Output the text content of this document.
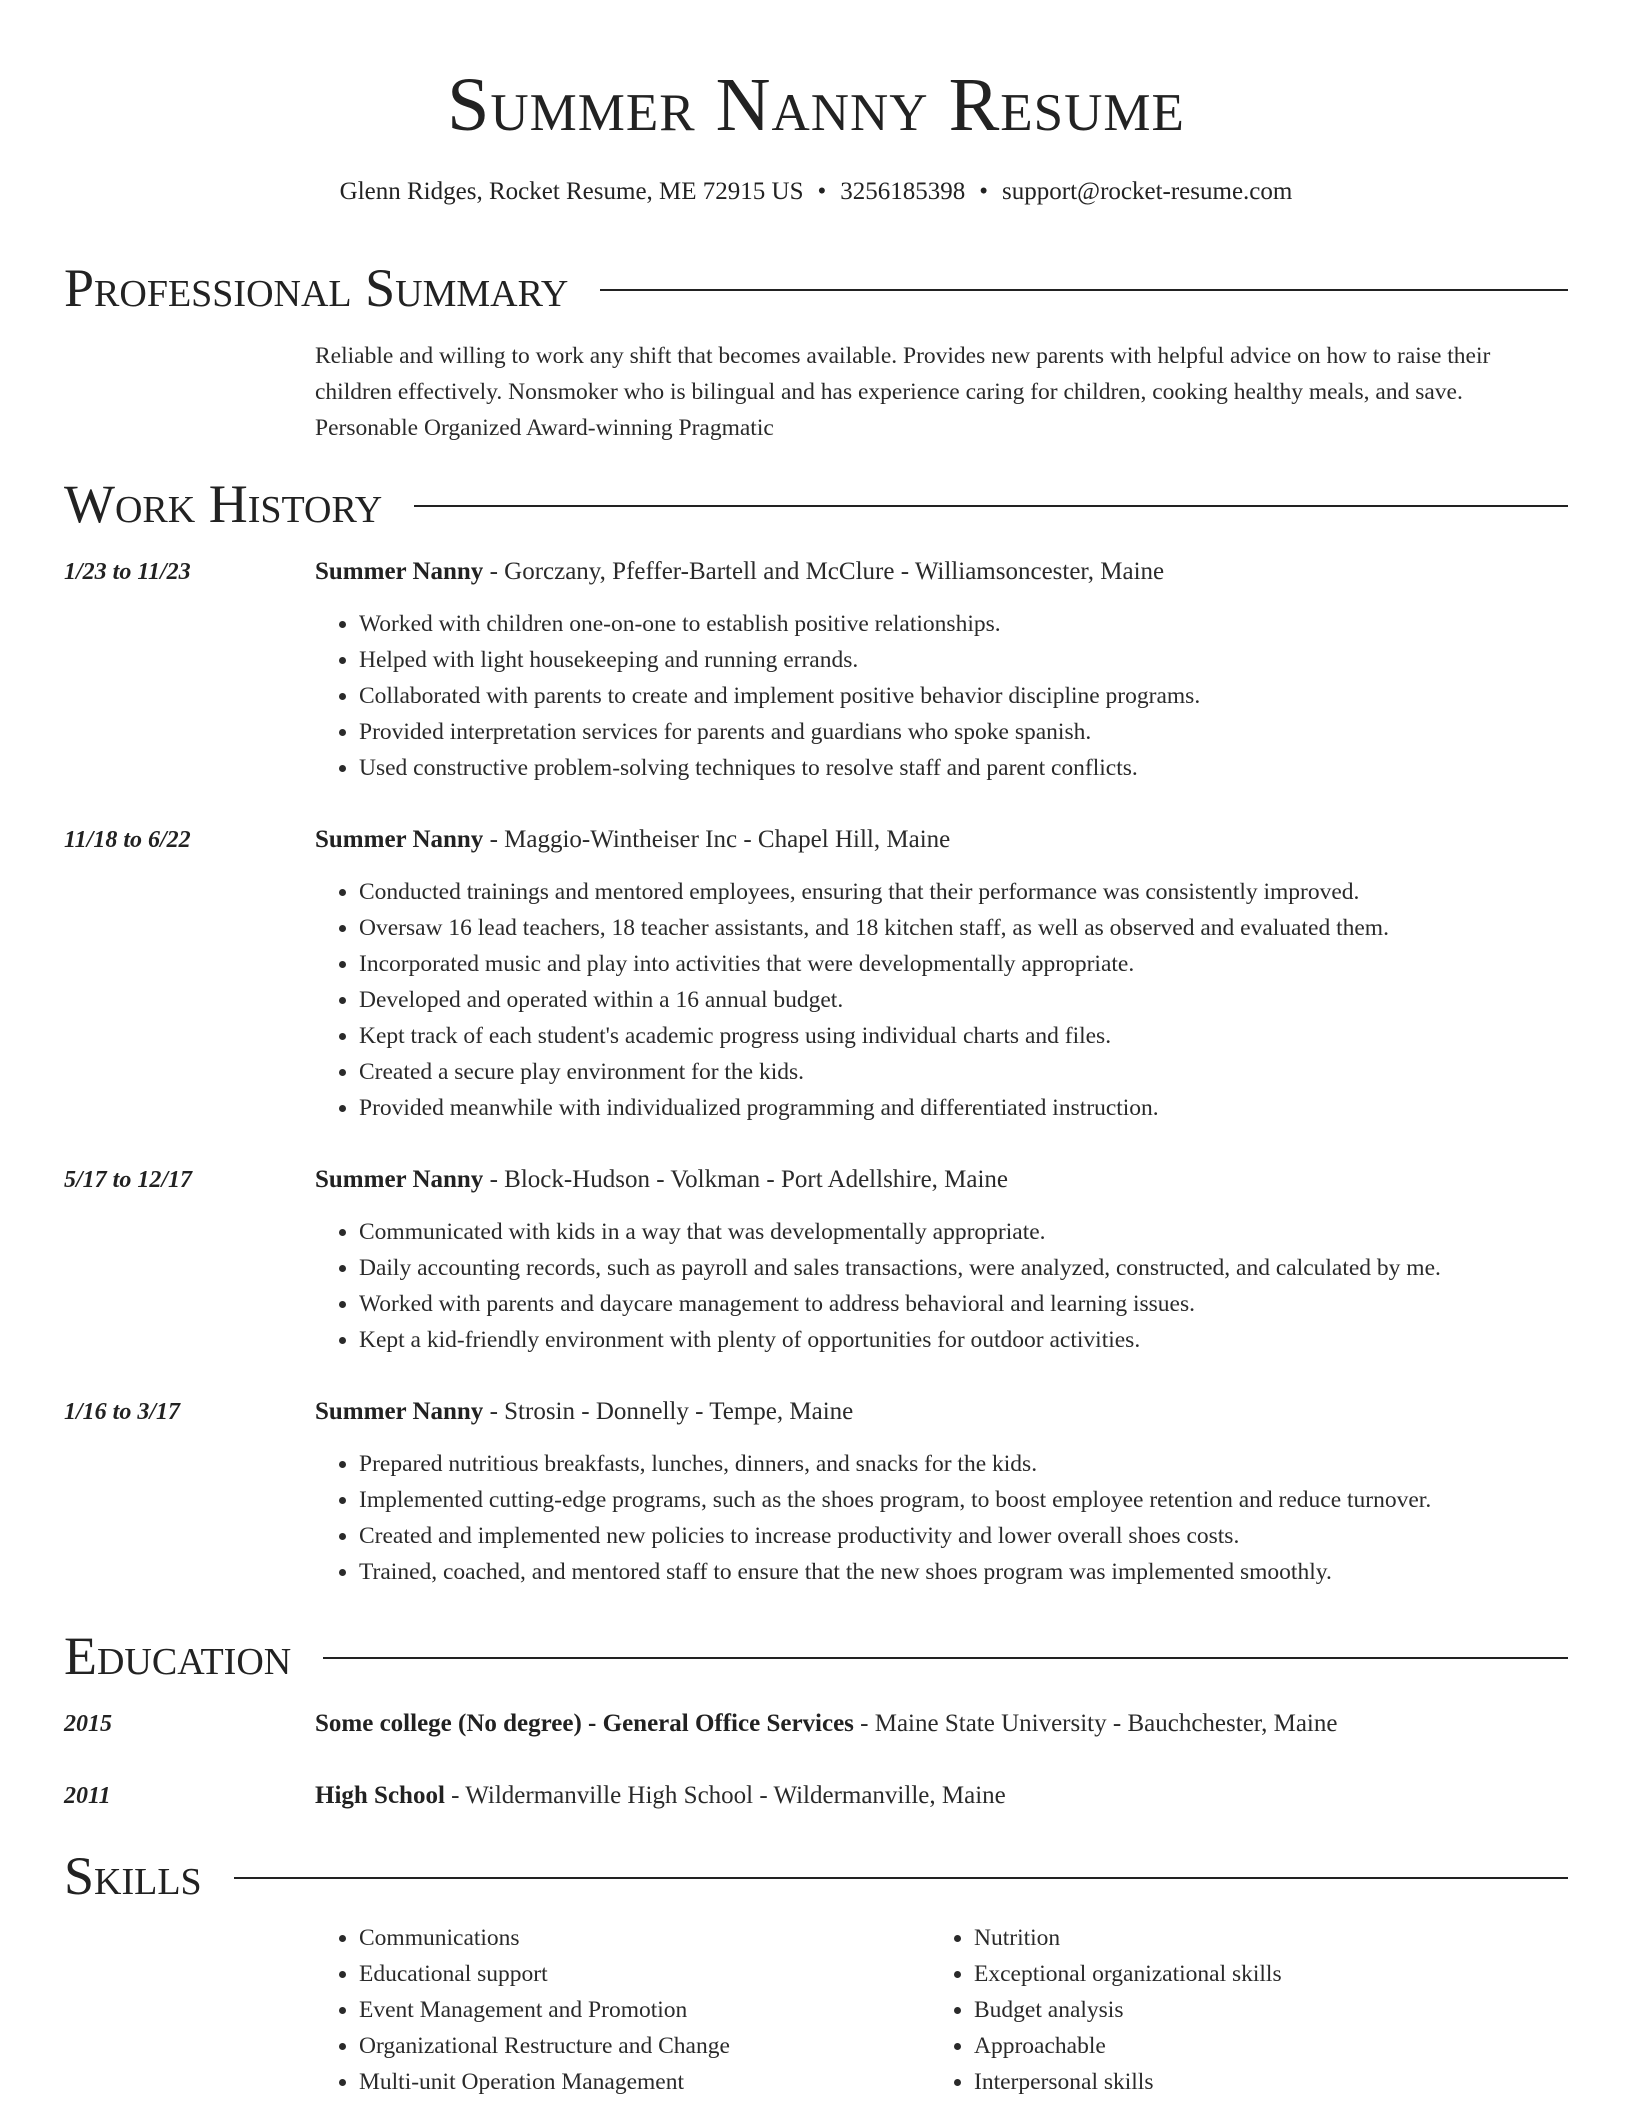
Summer Nanny Resume
Glenn Ridges, Rocket Resume, ME 72915 US • 3256185398 • support@rocket-resume.com
Professional Summary
Reliable and willing to work any shift that becomes available. Provides new parents with helpful advice on how to raise their children effectively. Nonsmoker who is bilingual and has experience caring for children, cooking healthy meals, and save. Personable Organized Award-winning Pragmatic
Work History
1/23 to 11/23	Summer Nanny - Gorczany, Pfeffer-Bartell and McClure - Williamsoncester, Maine
• Worked with children one-on-one to establish positive relationships.
• Helped with light housekeeping and running errands.
• Collaborated with parents to create and implement positive behavior discipline programs.
• Provided interpretation services for parents and guardians who spoke spanish.
• Used constructive problem-solving techniques to resolve staff and parent conflicts.
11/18 to 6/22	Summer Nanny - Maggio-Wintheiser Inc - Chapel Hill, Maine
• Conducted trainings and mentored employees, ensuring that their performance was consistently improved.
• Oversaw 16 lead teachers, 18 teacher assistants, and 18 kitchen staff, as well as observed and evaluated them.
• Incorporated music and play into activities that were developmentally appropriate.
• Developed and operated within a 16 annual budget.
• Kept track of each student's academic progress using individual charts and files.
• Created a secure play environment for the kids.
• Provided meanwhile with individualized programming and differentiated instruction.
5/17 to 12/17	Summer Nanny - Block-Hudson - Volkman - Port Adellshire, Maine
• Communicated with kids in a way that was developmentally appropriate.
• Daily accounting records, such as payroll and sales transactions, were analyzed, constructed, and calculated by me.
• Worked with parents and daycare management to address behavioral and learning issues.
• Kept a kid-friendly environment with plenty of opportunities for outdoor activities.
1/16 to 3/17	Summer Nanny - Strosin - Donnelly - Tempe, Maine
• Prepared nutritious breakfasts, lunches, dinners, and snacks for the kids.
• Implemented cutting-edge programs, such as the shoes program, to boost employee retention and reduce turnover.
• Created and implemented new policies to increase productivity and lower overall shoes costs.
• Trained, coached, and mentored staff to ensure that the new shoes program was implemented smoothly.
Education
2015	Some college (No degree) - General Office Services - Maine State University - Bauchchester, Maine
2011	High School - Wildermanville High School - Wildermanville, Maine
Skills
• Communications
• Educational support
• Event Management and Promotion
• Organizational Restructure and Change
• Multi-unit Operation Management
• Nutrition
• Exceptional organizational skills
• Budget analysis
• Approachable
• Interpersonal skills
